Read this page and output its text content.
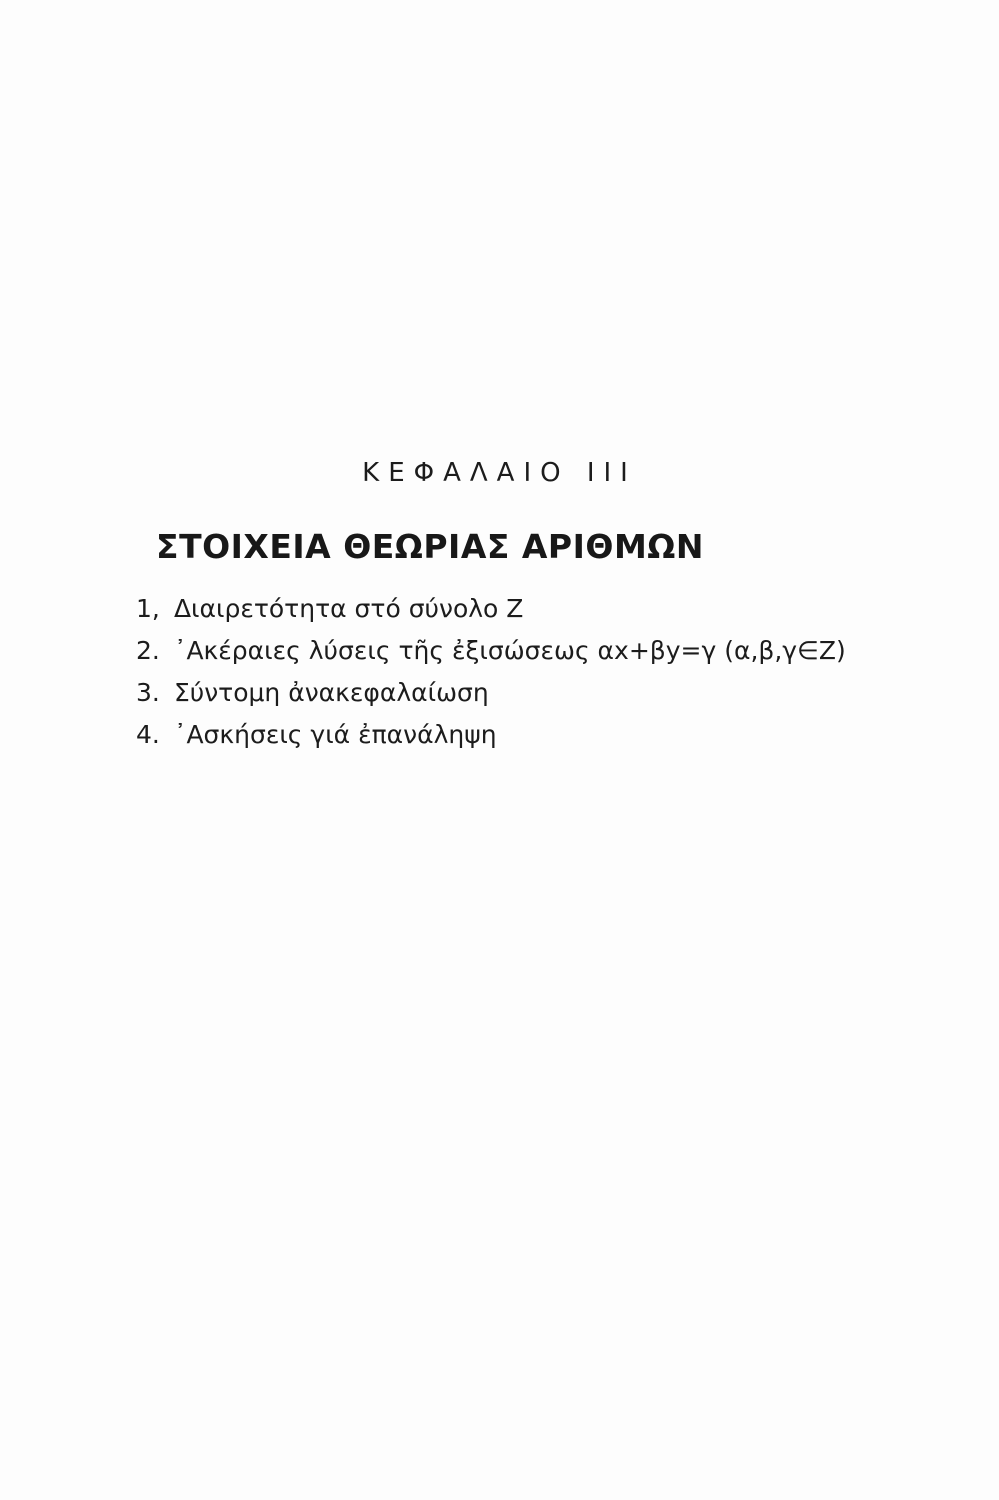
ΚΕΦΑΛΑΙΟ III
ΣΤΟΙΧΕΙΑ ΘΕΩΡΙΑΣ ΑΡΙΘΜΩΝ
1, Διαιρετότητα στό σύνολο Ζ
2. ᾿Ακέραιες λύσεις τῆς ἐξισώσεως αx+βy=γ (α,β,γ∈Ζ)
3. Σύντομη ἀνακεφαλαίωση
4. ᾿Ασκήσεις γιά ἐπανάληψη
